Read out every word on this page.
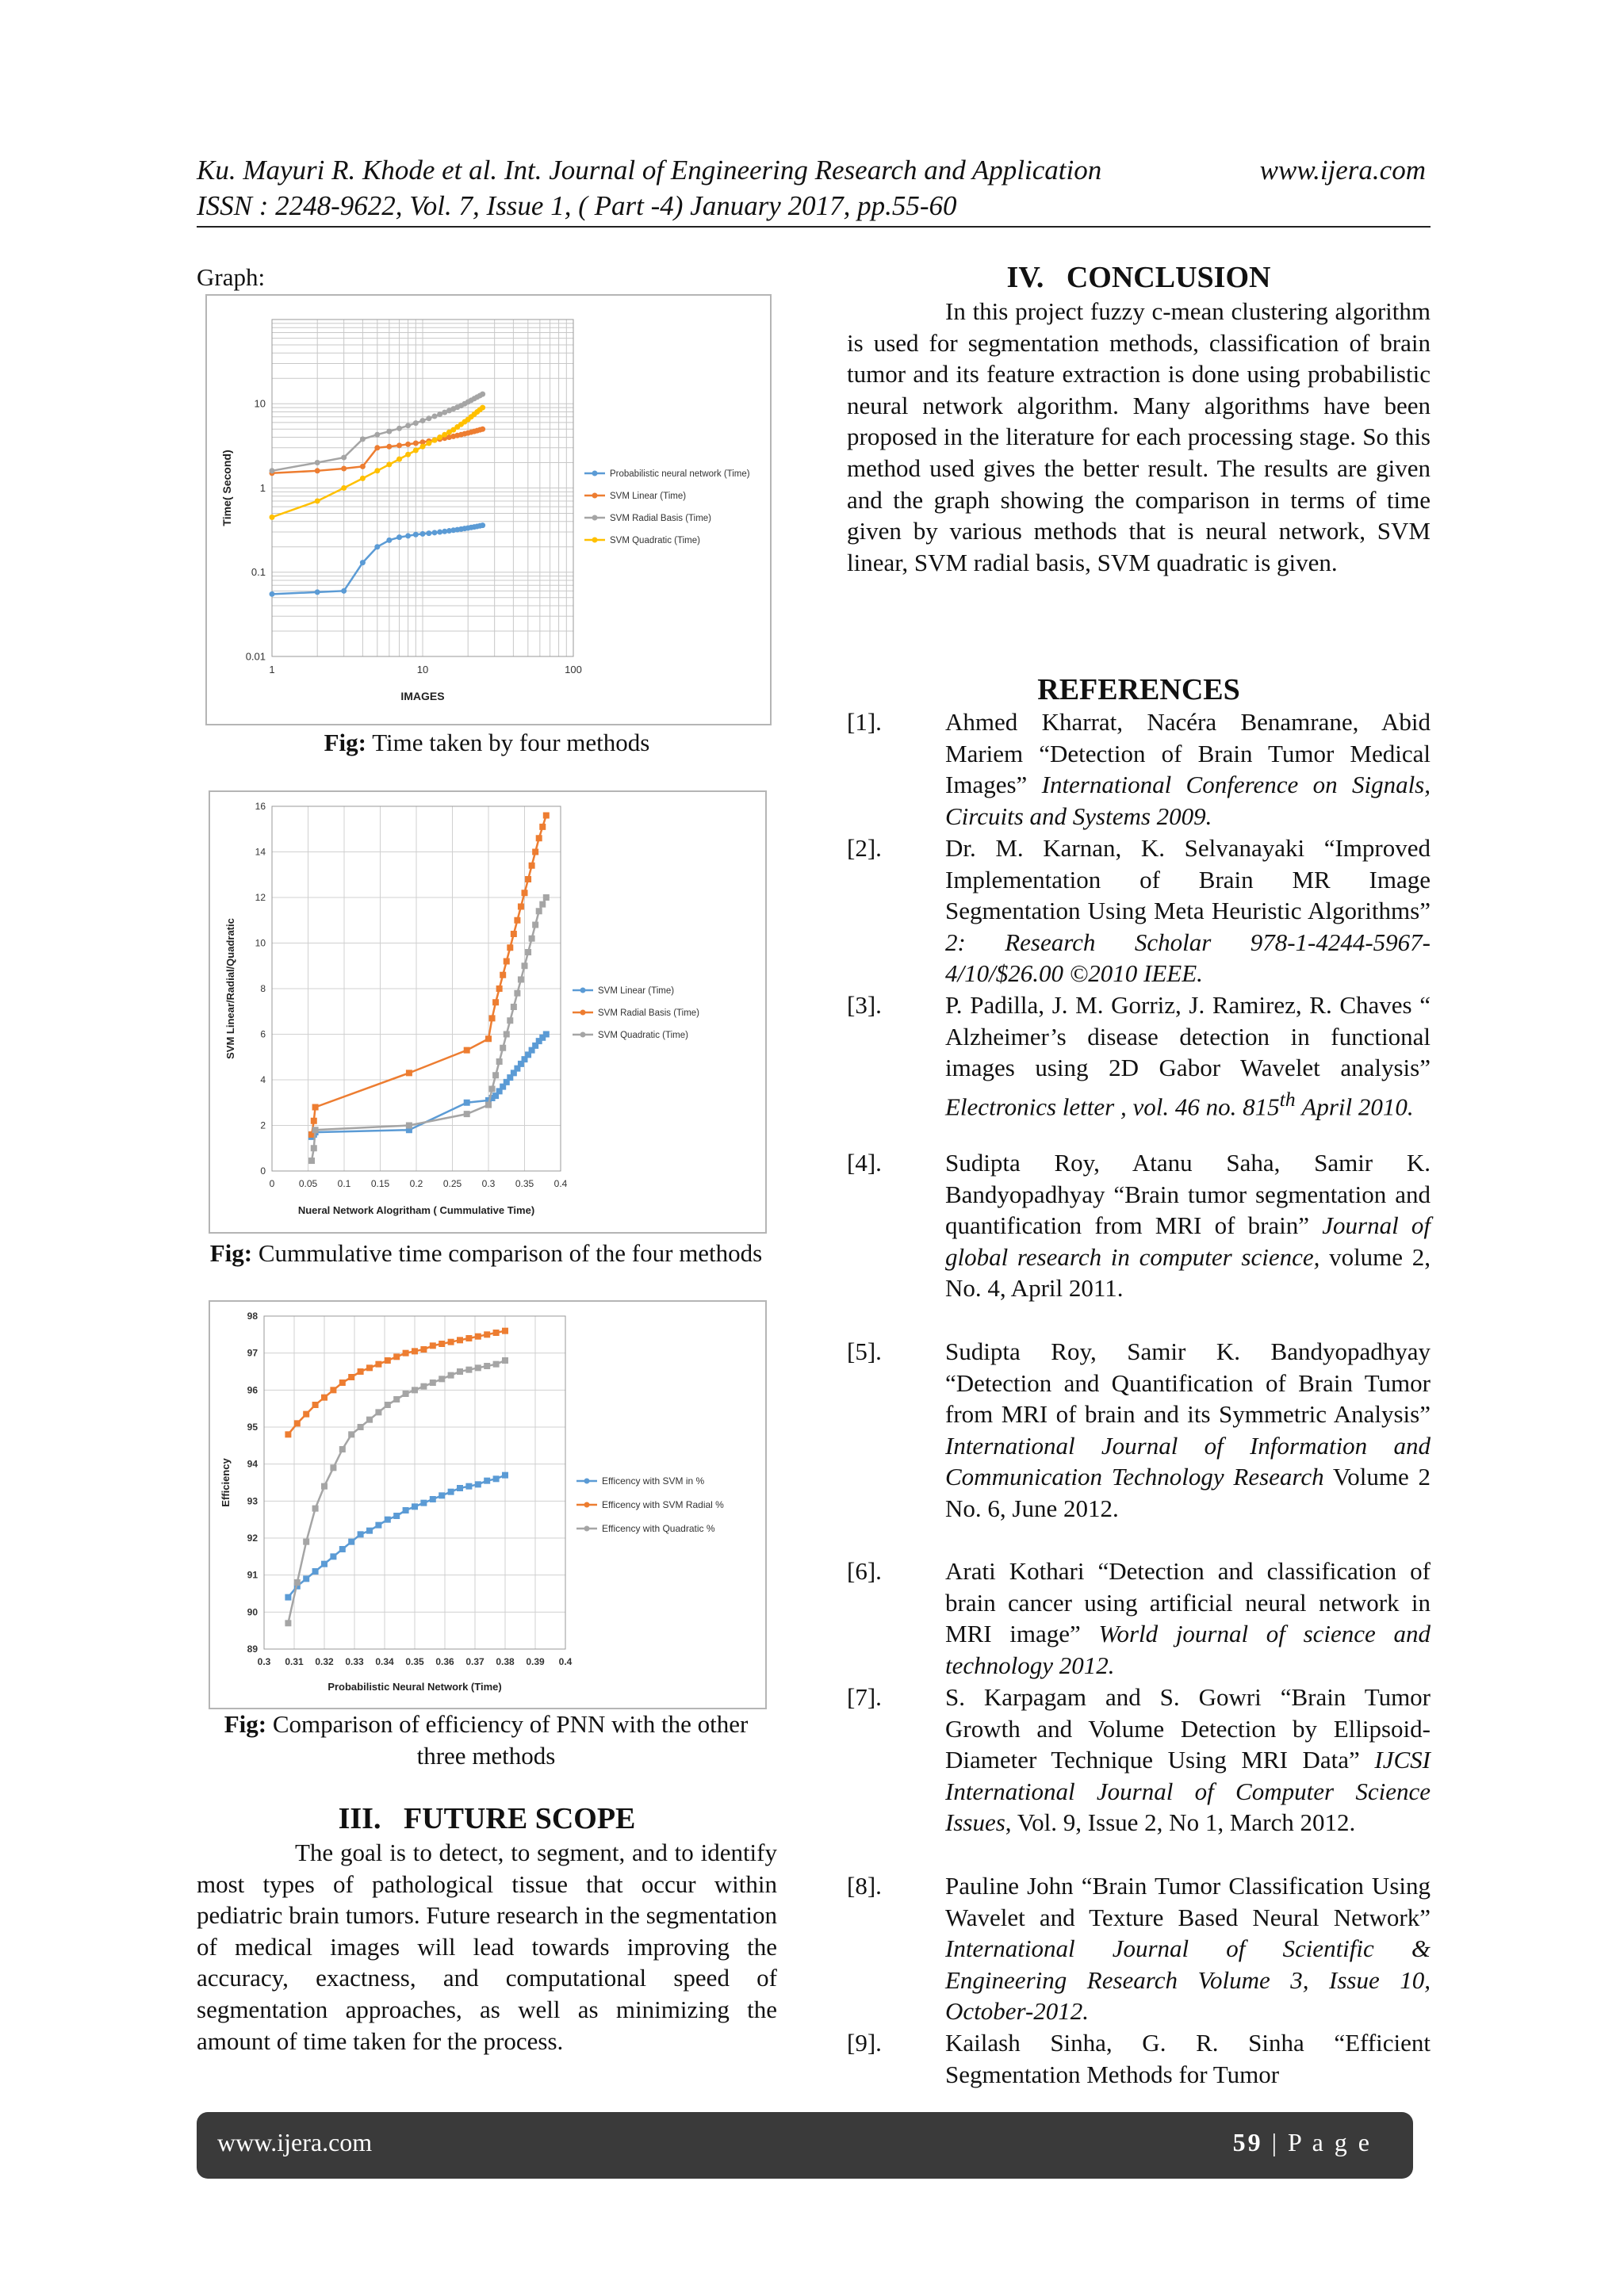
Ku. Mayuri R. Khode et al. Int. Journal of Engineering Research and Application	www.ijera.com
ISSN : 2248-9622, Vol. 7, Issue 1, ( Part -4) January 2017, pp.55-60
Graph:
1	10	100
0.01
0.1
1
10
IMAGES
Time( Second)	Probabilistic neural network (Time)
SVM Linear (Time)
SVM Radial Basis (Time)
SVM Quadratic (Time)
Fig: Time taken by four methods
0	0.05 0.1 0.15 0.2 0.25 0.3 0.35 0.4
0
2
4
6
8
10
12
14
16
Nueral Network Alogritham ( Cummulative Time)
SVM Linear/Radial/Quadratic	SVM Linear (Time)
SVM Radial Basis (Time)
SVM Quadratic (Time)
Fig: Cummulative time comparison of the four methods
0.3 0.31 0.32 0.33 0.34 0.35 0.36 0.37 0.38 0.39 0.4
89
90
91
92
93
94
95
96
97
98
Probabilistic Neural Network (Time)
Efficiency	Efficency with SVM in %
Efficency with SVM Radial %
Efficency with Quadratic %
Fig: Comparison of efficiency of PNN with the other three methods
III.   FUTURE SCOPE
The goal is to detect, to segment, and to identify most types of pathological tissue that occur within pediatric brain tumors. Future research in the segmentation of medical images will lead towards improving the accuracy, exactness, and computational speed of segmentation approaches, as well as minimizing the amount of time taken for the process.
IV.   CONCLUSION
In this project fuzzy c-mean clustering algorithm is used for segmentation methods, classification of brain tumor and its feature extraction is done using probabilistic neural network algorithm. Many algorithms have been proposed in the literature for each processing stage. So this method used gives the better result. The results are given and the graph showing the comparison in terms of time given by various methods that is neural network, SVM linear, SVM radial basis, SVM quadratic is given.
REFERENCES
[1].	Ahmed Kharrat, Nacéra Benamrane, Abid Mariem “Detection of Brain Tumor Medical Images” International Conference on Signals, Circuits and Systems 2009.
[2].	Dr. M. Karnan, K. Selvanayaki “Improved Implementation of Brain MR Image Segmentation Using Meta Heuristic Algorithms” 2: Research Scholar 978-1-4244-5967-4/10/$26.00 ©2010 IEEE.
[3].	P. Padilla, J. M. Gorriz, J. Ramirez, R. Chaves “ Alzheimer’s disease detection in functional images using 2D Gabor Wavelet analysis” Electronics letter , vol. 46 no. 815th April 2010.
[4].	Sudipta Roy, Atanu Saha, Samir K. Bandyopadhyay “Brain tumor segmentation and quantification from MRI of brain” Journal of global research in computer science, volume 2, No. 4, April 2011.
[5].	Sudipta Roy, Samir K. Bandyopadhyay “Detection and Quantification of Brain Tumor from MRI of brain and its Symmetric Analysis” International Journal of Information and Communication Technology Research Volume 2 No. 6, June 2012.
[6].	Arati Kothari “Detection and classification of brain cancer using artificial neural network in MRI image” World journal of science and technology 2012.
[7].	S. Karpagam and S. Gowri “Brain Tumor Growth and Volume Detection by Ellipsoid-Diameter Technique Using MRI Data” IJCSI International Journal of Computer Science Issues, Vol. 9, Issue 2, No 1, March 2012.
[8].	Pauline John “Brain Tumor Classification Using Wavelet and Texture Based Neural Network” International Journal of Scientific & Engineering Research Volume 3, Issue 10, October-2012.
[9].	Kailash Sinha, G. R. Sinha “Efficient Segmentation Methods for Tumor
www.ijera.com	59 | P a g e
